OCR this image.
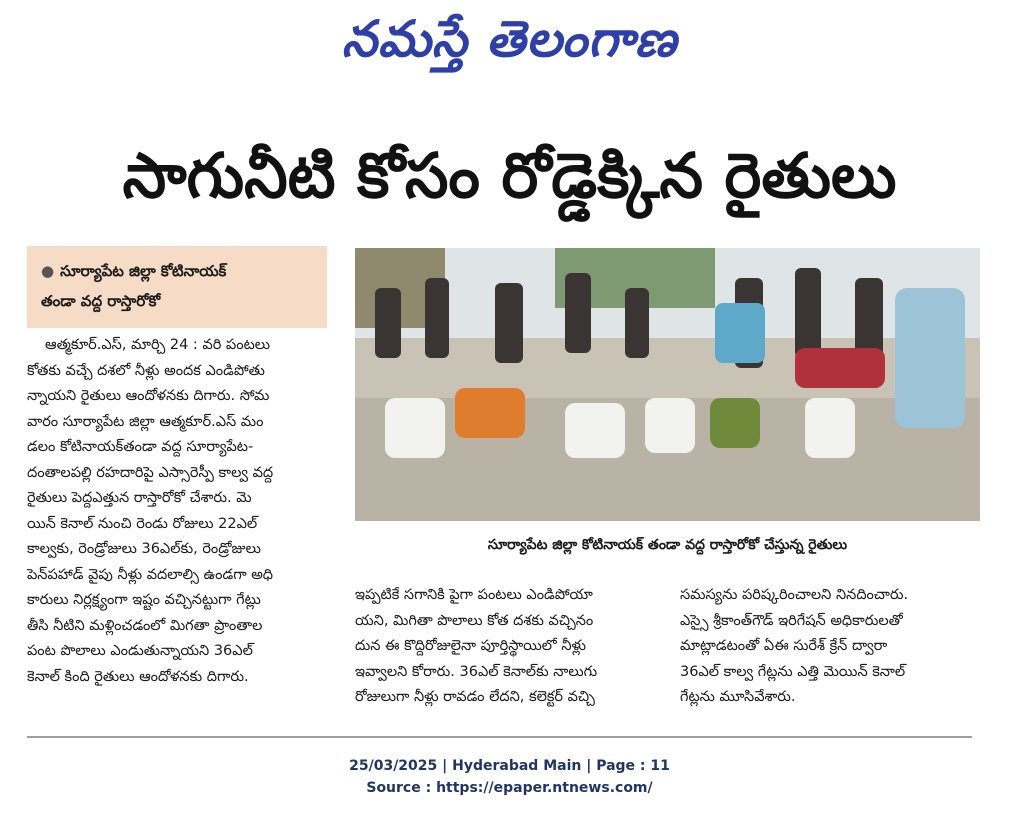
నమస్తే తెలంగాణ
సాగునీటి కోసం రోడ్డెక్కిన రైతులు
● సూర్యాపేట జిల్లా కోటినాయక్
తండా వద్ద రాస్తారోకో

ఆత్మకూర్.ఎస్, మార్చి 24 : వరి పంటలు

కోతకు వచ్చే దశలో నీళ్లు అందక ఎండిపోతు

న్నాయని రైతులు ఆందోళనకు దిగారు. సోమ

వారం సూర్యాపేట జిల్లా ఆత్మకూర్.ఎస్ మం

డలం కోటినాయక్‌తండా వద్ద సూర్యాపేట-

దంతాలపల్లి రహదారిపై ఎస్సారెస్పీ కాల్వ వద్ద

రైతులు పెద్దఎత్తున రాస్తారోకో చేశారు. మె

యిన్ కెనాల్ నుంచి రెండు రోజులు 22ఎల్

కాల్వకు, రెండ్రోజులు 36ఎల్‌కు, రెండ్రోజులు

పెన్‌పహాడ్ వైపు నీళ్లు వదలాల్సి ఉండగా అధి

కారులు నిర్లక్ష్యంగా ఇష్టం వచ్చినట్టుగా గేట్లు

తీసి నీటిని మళ్లించడంలో మిగతా ప్రాంతాల

పంట పొలాలు ఎండుతున్నాయని 36ఎల్

కెనాల్ కింది రైతులు ఆందోళనకు దిగారు.

సూర్యాపేట జిల్లా కోటినాయక్ తండా వద్ద రాస్తారోకో చేస్తున్న రైతులు

ఇప్పటికే సగానికి పైగా పంటలు ఎండిపోయా

యని, మిగితా పొలాలు కోత దశకు వచ్చినం

దున ఈ కొద్దిరోజులైనా పూర్తిస్థాయిలో నీళ్లు

ఇవ్వాలని కోరారు. 36ఎల్ కెనాల్‌కు నాలుగు

రోజులుగా నీళ్లు రావడం లేదని, కలెక్టర్ వచ్చి

సమస్యను పరిష్కరించాలని నినదించారు.

ఎస్సై శ్రీకాంత్‌గౌడ్ ఇరిగేషన్ అధికారులతో

మాట్లాడటంతో ఏఈ సురేశ్ క్రేన్ ద్వారా

36ఎల్ కాల్వ గేట్లను ఎత్తి మెయిన్ కెనాల్

గేట్లను మూసివేశారు.

25/03/2025 | Hyderabad Main | Page : 11
Source : https://epaper.ntnews.com/
